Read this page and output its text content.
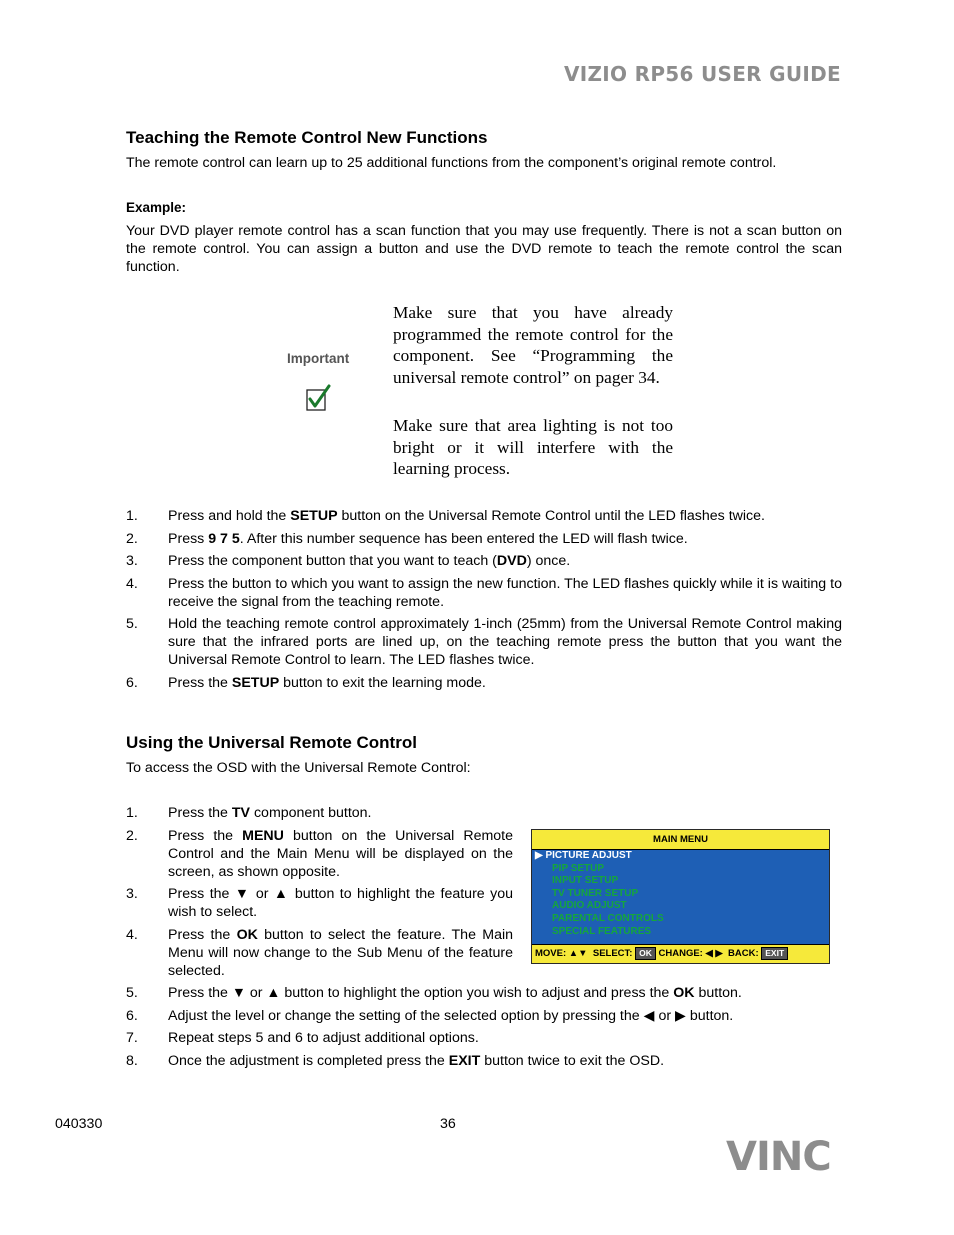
VIZIO RP56 USER GUIDE
Teaching the Remote Control New Functions
The remote control can learn up to 25 additional functions from the component’s original remote control.
Example:
Your DVD player remote control has a scan function that you may use frequently. There is not a scan button on the remote control. You can assign a button and use the DVD remote to teach the remote control the scan function.
Important
Make sure that you have already programmed the remote control for the component. See “Programming the universal remote control” on pager 34.
Make sure that area lighting is not too bright or it will interfere with the learning process.
1. Press and hold the SETUP button on the Universal Remote Control until the LED flashes twice.
2. Press 9 7 5. After this number sequence has been entered the LED will flash twice.
3. Press the component button that you want to teach (DVD) once.
4. Press the button to which you want to assign the new function. The LED flashes quickly while it is waiting to receive the signal from the teaching remote.
5. Hold the teaching remote control approximately 1-inch (25mm) from the Universal Remote Control making sure that the infrared ports are lined up, on the teaching remote press the button that you want the Universal Remote Control to learn. The LED flashes twice.
6. Press the SETUP button to exit the learning mode.
Using the Universal Remote Control
To access the OSD with the Universal Remote Control:
1. Press the TV component button.
2. Press the MENU button on the Universal Remote Control and the Main Menu will be displayed on the screen, as shown opposite.
3. Press the ▼ or ▲ button to highlight the feature you wish to select.
4. Press the OK button to select the feature. The Main Menu will now change to the Sub Menu of the feature selected.
5. Press the ▼ or ▲ button to highlight the option you wish to adjust and press the OK button.
6. Adjust the level or change the setting of the selected option by pressing the ◀ or ▶ button.
7. Repeat steps 5 and 6 to adjust additional options.
8. Once the adjustment is completed press the EXIT button twice to exit the OSD.
MAIN MENU
▶ PICTURE ADJUST
PIP SETUP
INPUT SETUP
TV TUNER SETUP
AUDIO ADJUST
PARENTAL CONTROLS
SPECIAL FEATURES
MOVE: ▲▼  SELECT: OK CHANGE: ◀ ▶  BACK: EXIT
040330	36
VINC
